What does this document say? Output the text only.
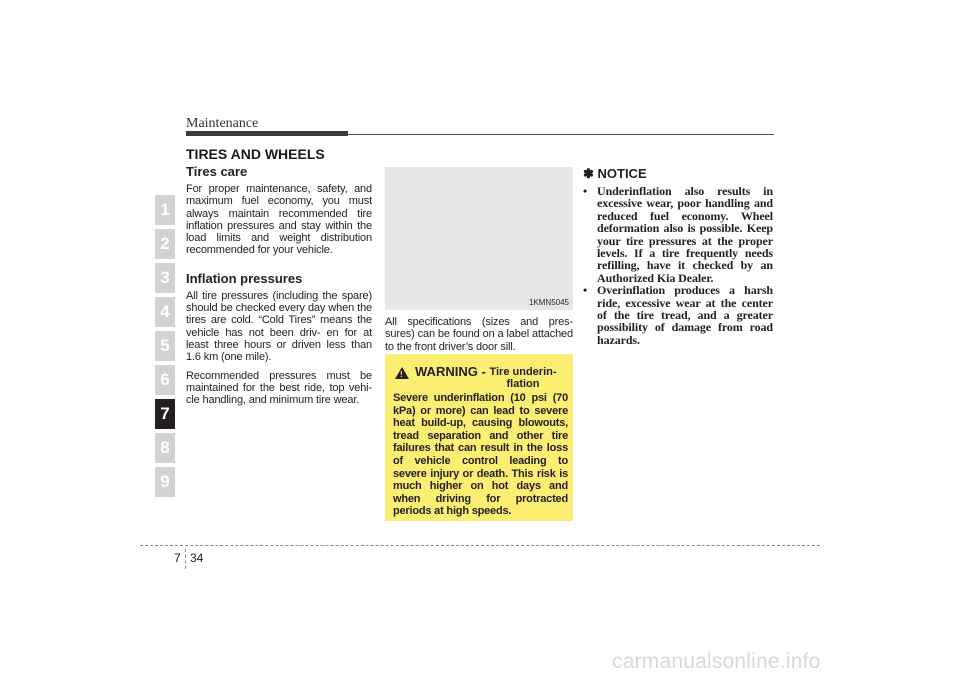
Maintenance
TIRES AND WHEELS
1
2
3
4
5
6
7
8
9
Tires care

For proper maintenance, safety, and maximum fuel economy, you must always maintain recommended tire inflation pressures and stay within the load limits and weight distribution recommended for your vehicle.

Inflation pressures

All tire pressures (including the spare) should be checked every day when the tires are cold. “Cold Tires” means the vehicle has not been driv- en for at least three hours or driven less than 1.6 km (one mile).

Recommended pressures must be maintained for the best ride, top vehi- cle handling, and minimum tire wear.

1KMN5045

All specifications (sizes and pres- sures) can be found on a label attached to the front driver’s door sill.

! WARNING - Tire underin- flation

Severe underinflation (10 psi (70 kPa) or more) can lead to severe heat build-up, causing blowouts, tread separation and other tire failures that can result in the loss of vehicle control leading to severe injury or death. This risk is much higher on hot days and when driving for protracted periods at high speeds.

✽ NOTICE
• Underinflation also results in excessive wear, poor handling and reduced fuel economy. Wheel deformation also is possible. Keep your tire pressures at the proper levels. If a tire frequently needs refilling, have it checked by an Authorized Kia Dealer.
• Overinflation produces a harsh ride, excessive wear at the center of the tire tread, and a greater possibility of damage from road hazards.
7 34
carmanualsonline.info
